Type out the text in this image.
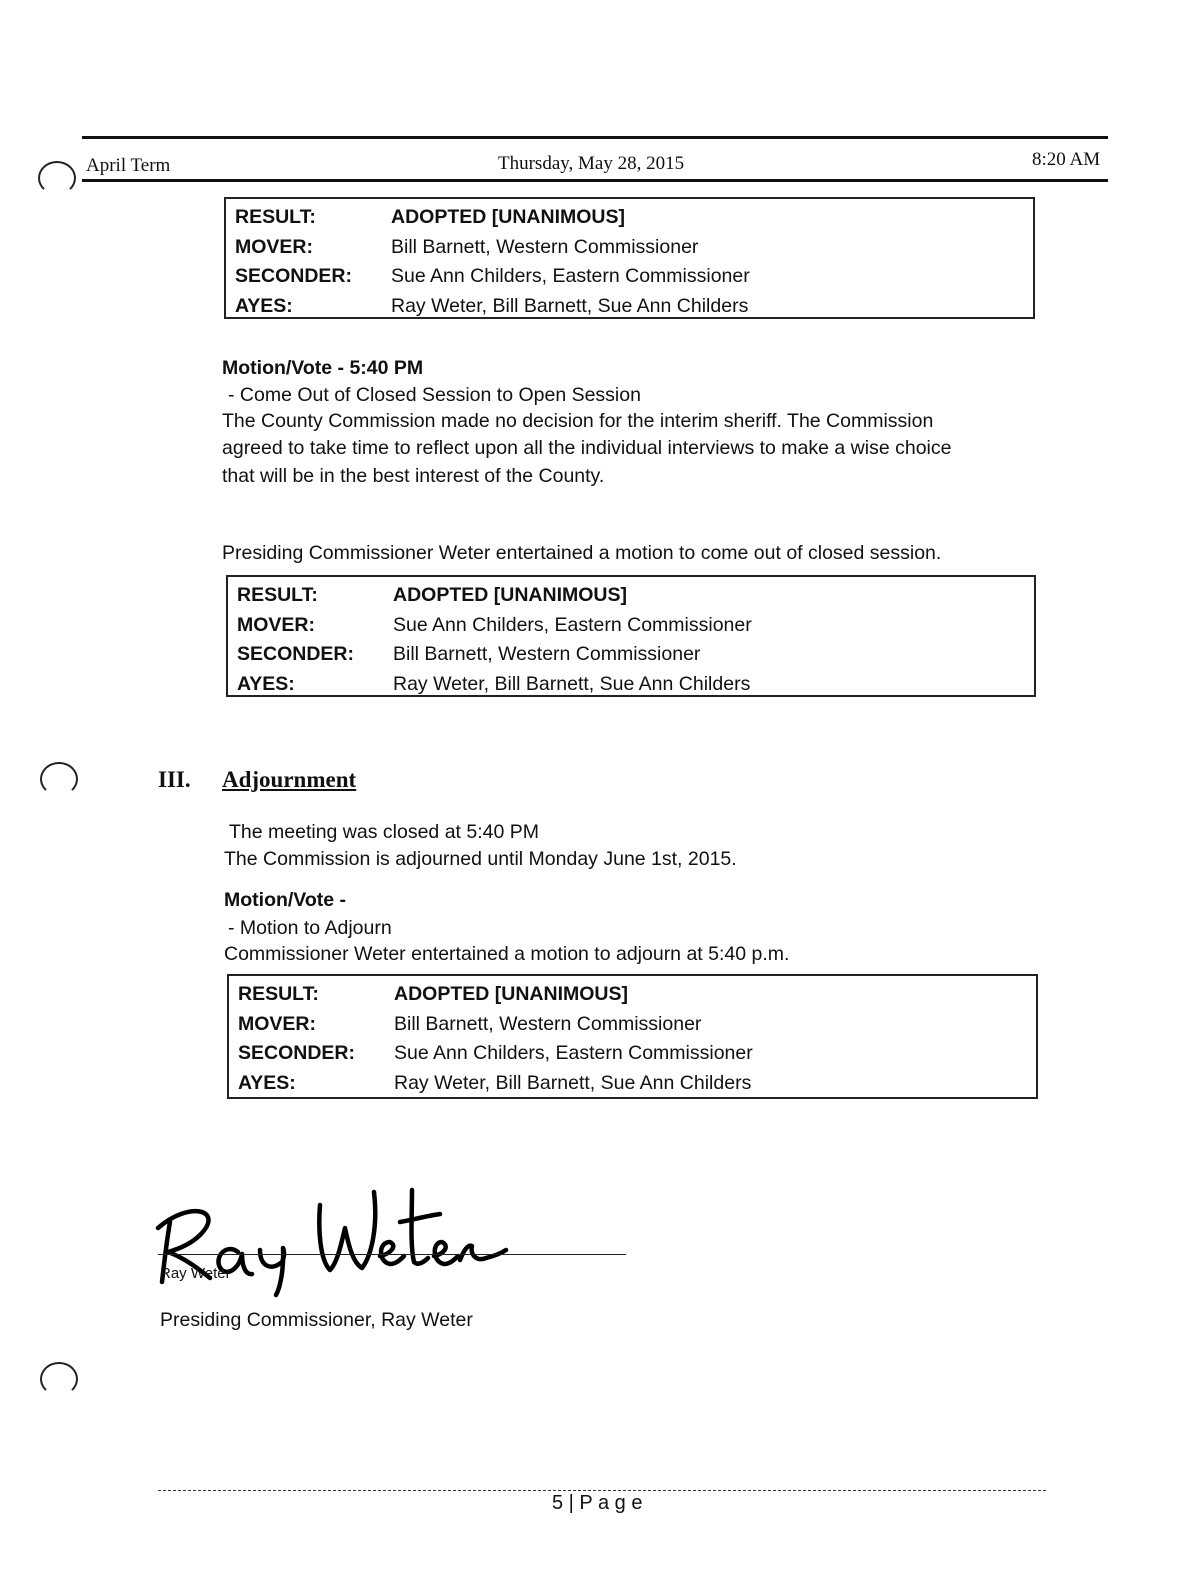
April Term	Thursday, May 28, 2015	8:20 AM
RESULT:	ADOPTED [UNANIMOUS]
MOVER:	Bill Barnett, Western Commissioner
SECONDER:	Sue Ann Childers, Eastern Commissioner
AYES:	Ray Weter, Bill Barnett, Sue Ann Childers
Motion/Vote - 5:40 PM
- Come Out of Closed Session to Open Session
The County Commission made no decision for the interim sheriff. The Commission
agreed to take time to reflect upon all the individual interviews to make a wise choice
that will be in the best interest of the County.
Presiding Commissioner Weter entertained a motion to come out of closed session.
RESULT:	ADOPTED [UNANIMOUS]
MOVER:	Sue Ann Childers, Eastern Commissioner
SECONDER:	Bill Barnett, Western Commissioner
AYES:	Ray Weter, Bill Barnett, Sue Ann Childers
III. Adjournment
The meeting was closed at 5:40 PM
The Commission is adjourned until Monday June 1st, 2015.
Motion/Vote -
- Motion to Adjourn
Commissioner Weter entertained a motion to adjourn at 5:40 p.m.
RESULT:	ADOPTED [UNANIMOUS]
MOVER:	Bill Barnett, Western Commissioner
SECONDER:	Sue Ann Childers, Eastern Commissioner
AYES:	Ray Weter, Bill Barnett, Sue Ann Childers
Ray Weter
Presiding Commissioner, Ray Weter
5 | P a g e
